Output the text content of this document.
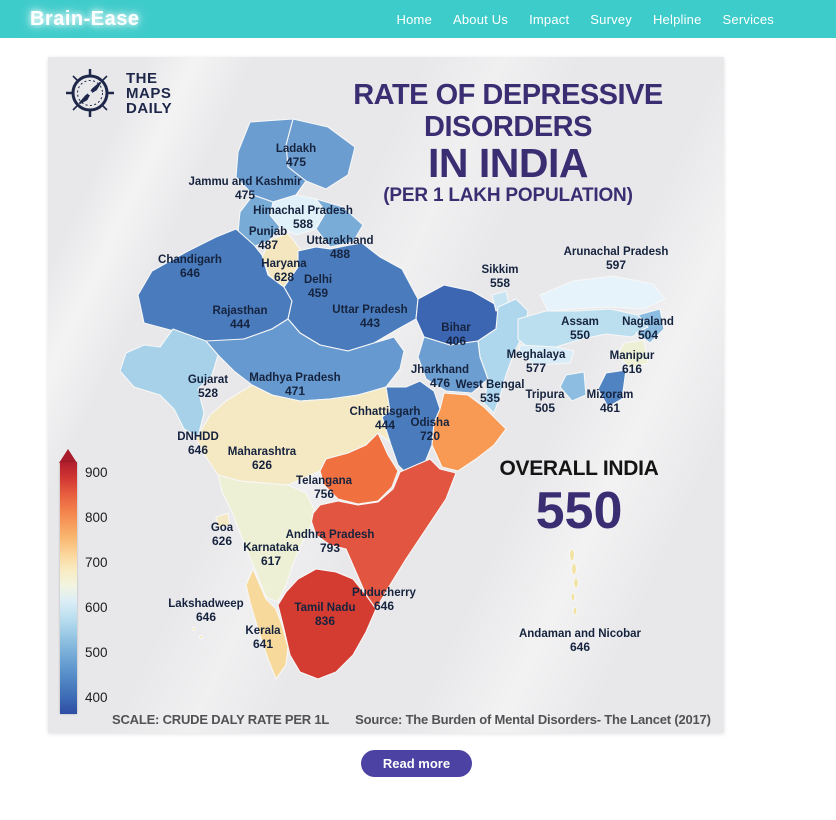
Brain-Ease	Home About Us Impact Survey Helpline Services
THE
MAPS
DAILY	RATE OF DEPRESSIVE
DISORDERS
IN INDIA
(PER 1 LAKH POPULATION)
Ladakh
475
Jammu and Kashmir
475
Himachal Pradesh
588
Punjab
487 Uttarakhand
488
Chandigarh
646
Haryana
628 Delhi
459
Arunachal Pradesh
597
Sikkim
558
Rajasthan
444
Uttar Pradesh
443	Bihar
406
Assam
550
Nagaland
504
Meghalaya
577
Manipur
616
Gujarat
528
Madhya Pradesh
471
Jharkhand
476 West Bengal
535 Tripura
505
Mizoram
461
Chhattisgarh
444 Odisha
720
DNHDD
646 Maharashtra
626
Telangana
756
Goa
626	Andhra Pradesh
793
Karnataka
617
Lakshadweep
646
Puducherry
646
Tamil Nadu
836
Kerala
641
Andaman and Nicobar
646
OVERALL INDIA
550
900
800
700
600
500
400
SCALE: CRUDE DALY RATE PER 1L Source: The Burden of Mental Disorders- The Lancet (2017)
Read more
